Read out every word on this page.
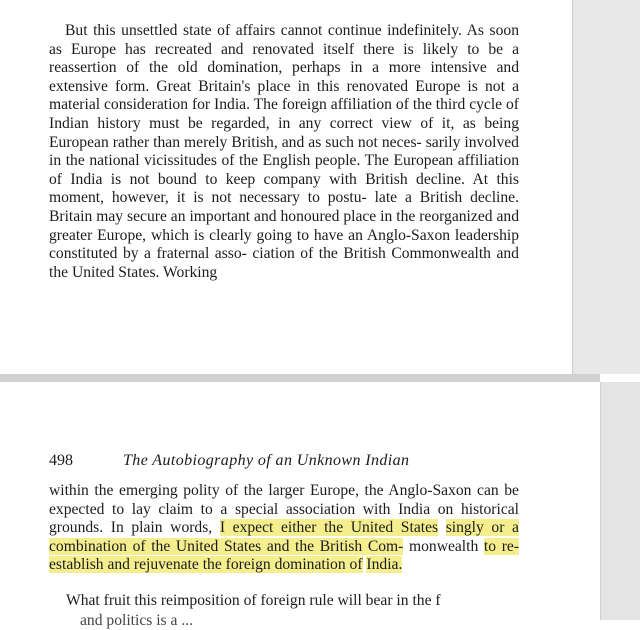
But this unsettled state of affairs cannot continue indefinitely. As soon as Europe has recreated and renovated itself there is likely to be a reassertion of the old domination, perhaps in a more intensive and extensive form. Great Britain's place in this renovated Europe is not a material consideration for India. The foreign affiliation of the third cycle of Indian history must be regarded, in any correct view of it, as being European rather than merely British, and as such not neces- sarily involved in the national vicissitudes of the English people. The European affiliation of India is not bound to keep company with British decline. At this moment, however, it is not necessary to postu- late a British decline. Britain may secure an important and honoured place in the reorganized and greater Europe, which is clearly going to have an Anglo-Saxon leadership constituted by a fraternal asso- ciation of the British Commonwealth and the United States. Working

·
498	The Autobiography of an Unknown Indian

within the emerging polity of the larger Europe, the Anglo-Saxon can be expected to lay claim to a special association with India on historical grounds. In plain words, I expect either the United States singly or a combination of the United States and the British Com- monwealth to re-establish and rejuvenate the foreign domination of India.

What fruit this reimposition of foreign rule will bear in the f
and politics is a ...
